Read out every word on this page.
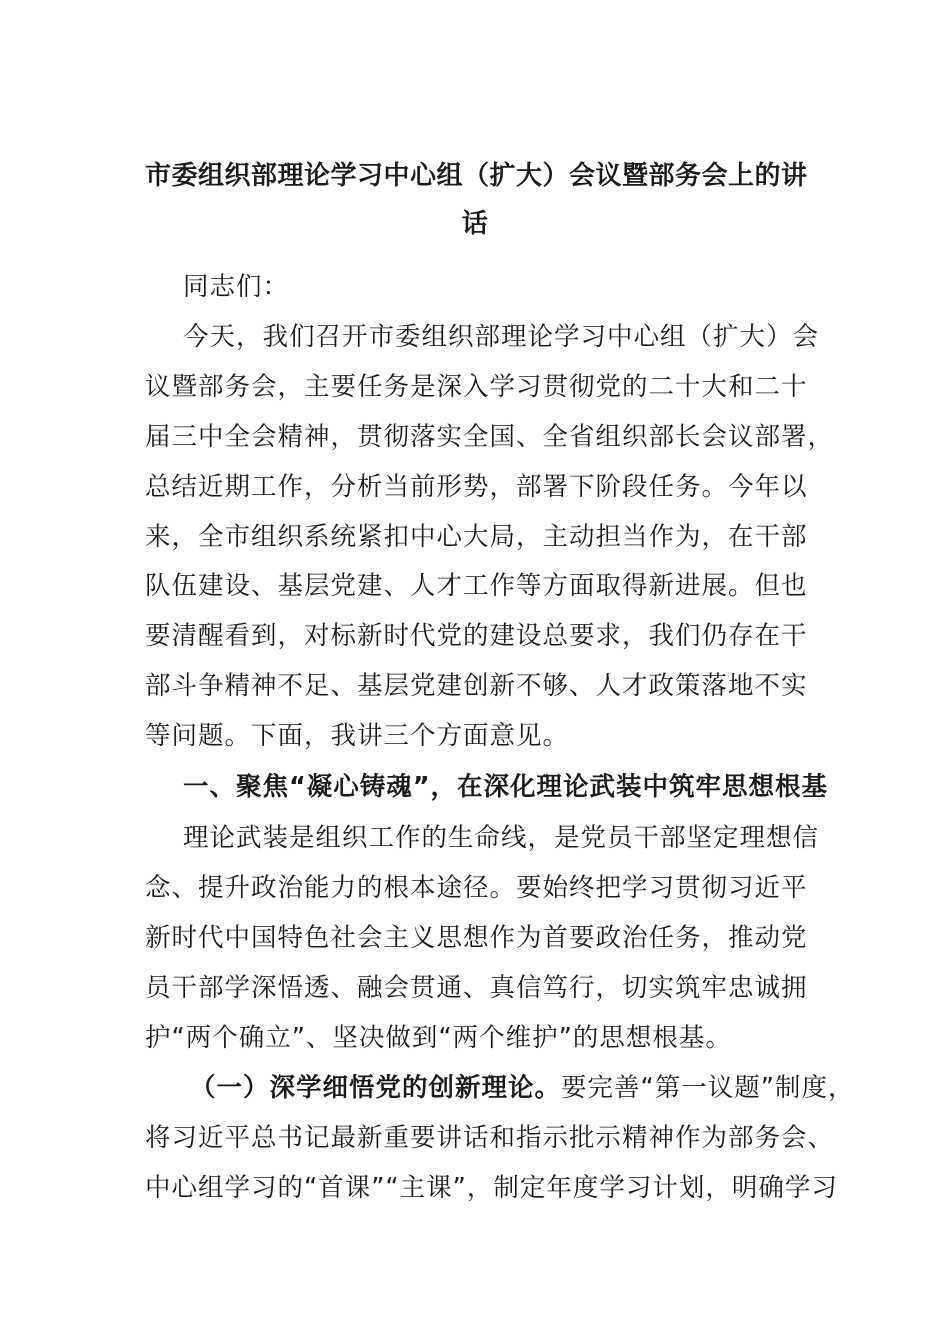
市委组织部理论学习中心组（扩大）会议暨部务会上的讲
话
同志们：
今天，我们召开市委组织部理论学习中心组（扩大）会
议暨部务会，主要任务是深入学习贯彻党的二十大和二十
届三中全会精神，贯彻落实全国、全省组织部长会议部署，
总结近期工作，分析当前形势，部署下阶段任务。今年以
来，全市组织系统紧扣中心大局，主动担当作为，在干部
队伍建设、基层党建、人才工作等方面取得新进展。但也
要清醒看到，对标新时代党的建设总要求，我们仍存在干
部斗争精神不足、基层党建创新不够、人才政策落地不实
等问题。下面，我讲三个方面意见。
一、聚焦“凝心铸魂”，在深化理论武装中筑牢思想根基
理论武装是组织工作的生命线，是党员干部坚定理想信
念、提升政治能力的根本途径。要始终把学习贯彻习近平
新时代中国特色社会主义思想作为首要政治任务，推动党
员干部学深悟透、融会贯通、真信笃行，切实筑牢忠诚拥
护“两个确立”、坚决做到“两个维护”的思想根基。
（一）深学细悟党的创新理论。要完善“第一议题”制度，
将习近平总书记最新重要讲话和指示批示精神作为部务会、
中心组学习的“首课”“主课”，制定年度学习计划，明确学习
